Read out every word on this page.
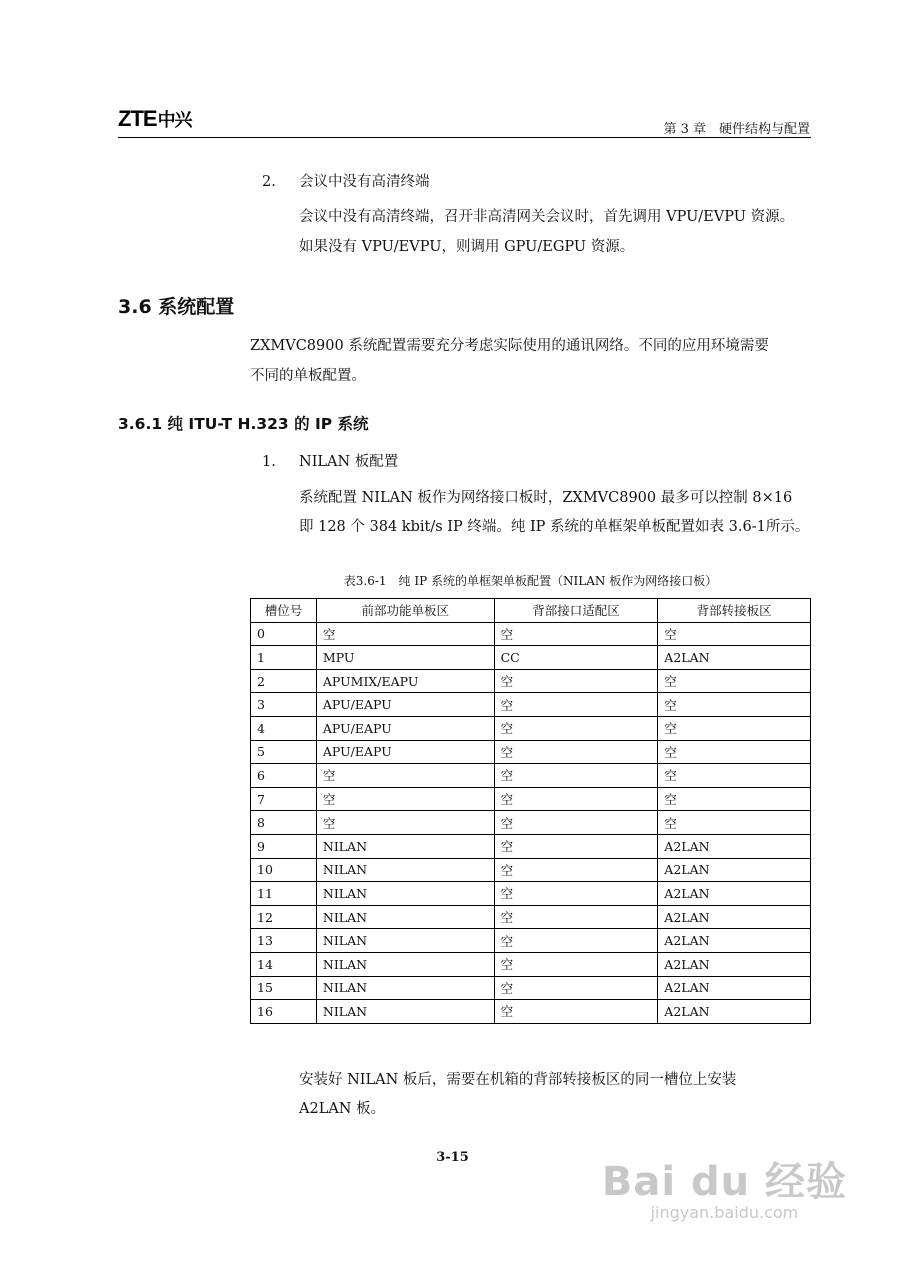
ZTE中兴	第 3 章　硬件结构与配置
2. 会议中没有高清终端
会议中没有高清终端，召开非高清网关会议时，首先调用 VPU/EVPU 资源。
如果没有 VPU/EVPU，则调用 GPU/EGPU 资源。
3.6 系统配置
ZXMVC8900 系统配置需要充分考虑实际使用的通讯网络。不同的应用环境需要
不同的单板配置。
3.6.1 纯 ITU-T H.323 的 IP 系统
1. NILAN 板配置
系统配置 NILAN 板作为网络接口板时，ZXMVC8900 最多可以控制 8×16
即 128 个 384 kbit/s IP 终端。纯 IP 系统的单框架单板配置如表 3.6-1所示。
表3.6-1　纯 IP 系统的单框架单板配置（NILAN 板作为网络接口板）
槽位号	前部功能单板区	背部接口适配区	背部转接板区
0	空	空	空
1	MPU	CC	A2LAN
2	APUMIX/EAPU	空	空
3	APU/EAPU	空	空
4	APU/EAPU	空	空
5	APU/EAPU	空	空
6	空	空	空
7	空	空	空
8	空	空	空
9	NILAN	空	A2LAN
10	NILAN	空	A2LAN
11	NILAN	空	A2LAN
12	NILAN	空	A2LAN
13	NILAN	空	A2LAN
14	NILAN	空	A2LAN
15	NILAN	空	A2LAN
16	NILAN	空	A2LAN
安装好 NILAN 板后，需要在机箱的背部转接板区的同一槽位上安装
A2LAN 板。
3-15
Bai du 经验
jingyan.baidu.com
